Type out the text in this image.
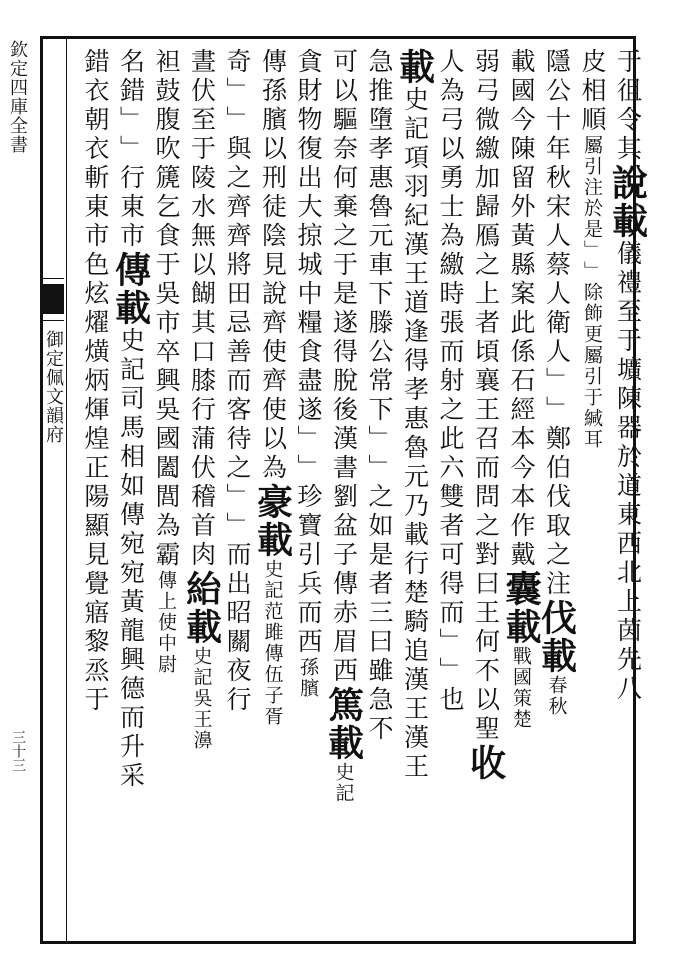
欽定四庫全書
御定佩文韻府
三十三
于徂令其說載儀禮至于壙陳器於道東西北上茵先八
皮相順屬引注於是﹂﹂除飾更屬引于緘耳
隱公十年秋宋人蔡人衛人﹂﹂鄭伯伐取之注伐載春秋
載國今陳留外黃縣案此係石經本今本作戴囊載戰國策楚
弱弓微繳加歸鴈之上者頃襄王召而問之對曰王何不以聖收
人為弓以勇士為繳時張而射之此六雙者可得而﹂﹂也
載史記項羽紀漢王道逢得孝惠魯元乃載行楚騎追漢王漢王
急推墮孝惠魯元車下滕公常下﹂﹂之如是者三曰雖急不
可以驅奈何棄之于是遂得脫後漢書劉盆子傳赤眉西篤載史記
貪財物復出大掠城中糧食盡遂﹂﹂珍寶引兵而西孫臏
傳孫臏以刑徒陰見說齊使齊使以為豪載史記范雎傳伍子胥
奇﹂﹂與之齊齊將田忌善而客待之﹂﹂而出昭關夜行
晝伏至于陵水無以餬其口膝行蒲伏稽首肉紿載史記吳王濞
袒鼓腹吹篪乞食于吳市卒興吳國闔閭為霸傳上使中尉
名錯﹂﹂行東市傳載史記司馬相如傳宛宛黃龍興德而升采
錯衣朝衣斬東市色炫燿熿炳煇煌正陽顯見覺寤黎烝于
